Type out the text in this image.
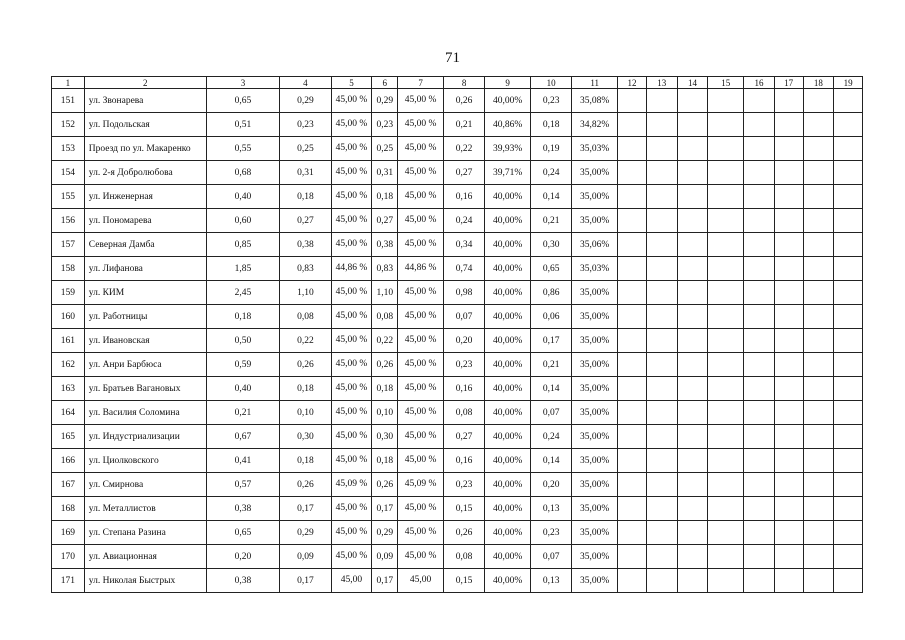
71
1	2	3	4	5	6	7	8	9	10	11	12	13	14	15	16	17	18	19
151	ул. Звонарева	0,65	0,29	45,00 %	0,29	45,00 %	0,26	40,00%	0,23	35,08%								
152	ул. Подольская	0,51	0,23	45,00 %	0,23	45,00 %	0,21	40,86%	0,18	34,82%								
153	Проезд по ул. Макаренко	0,55	0,25	45,00 %	0,25	45,00 %	0,22	39,93%	0,19	35,03%								
154	ул. 2-я Добролюбова	0,68	0,31	45,00 %	0,31	45,00 %	0,27	39,71%	0,24	35,00%								
155	ул. Инженерная	0,40	0,18	45,00 %	0,18	45,00 %	0,16	40,00%	0,14	35,00%								
156	ул. Пономарева	0,60	0,27	45,00 %	0,27	45,00 %	0,24	40,00%	0,21	35,00%								
157	Северная Дамба	0,85	0,38	45,00 %	0,38	45,00 %	0,34	40,00%	0,30	35,06%								
158	ул. Лифанова	1,85	0,83	44,86 %	0,83	44,86 %	0,74	40,00%	0,65	35,03%								
159	ул. КИМ	2,45	1,10	45,00 %	1,10	45,00 %	0,98	40,00%	0,86	35,00%								
160	ул. Работницы	0,18	0,08	45,00 %	0,08	45,00 %	0,07	40,00%	0,06	35,00%								
161	ул. Ивановская	0,50	0,22	45,00 %	0,22	45,00 %	0,20	40,00%	0,17	35,00%								
162	ул. Анри Барбюса	0,59	0,26	45,00 %	0,26	45,00 %	0,23	40,00%	0,21	35,00%								
163	ул. Братьев Вагановых	0,40	0,18	45,00 %	0,18	45,00 %	0,16	40,00%	0,14	35,00%								
164	ул. Василия Соломина	0,21	0,10	45,00 %	0,10	45,00 %	0,08	40,00%	0,07	35,00%								
165	ул. Индустриализации	0,67	0,30	45,00 %	0,30	45,00 %	0,27	40,00%	0,24	35,00%								
166	ул. Циолковского	0,41	0,18	45,00 %	0,18	45,00 %	0,16	40,00%	0,14	35,00%								
167	ул. Смирнова	0,57	0,26	45,09 %	0,26	45,09 %	0,23	40,00%	0,20	35,00%								
168	ул. Металлистов	0,38	0,17	45,00 %	0,17	45,00 %	0,15	40,00%	0,13	35,00%								
169	ул. Степана Разина	0,65	0,29	45,00 %	0,29	45,00 %	0,26	40,00%	0,23	35,00%								
170	ул. Авиационная	0,20	0,09	45,00 %	0,09	45,00 %	0,08	40,00%	0,07	35,00%								
171	ул. Николая Быстрых	0,38	0,17	45,00	0,17	45,00	0,15	40,00%	0,13	35,00%								
